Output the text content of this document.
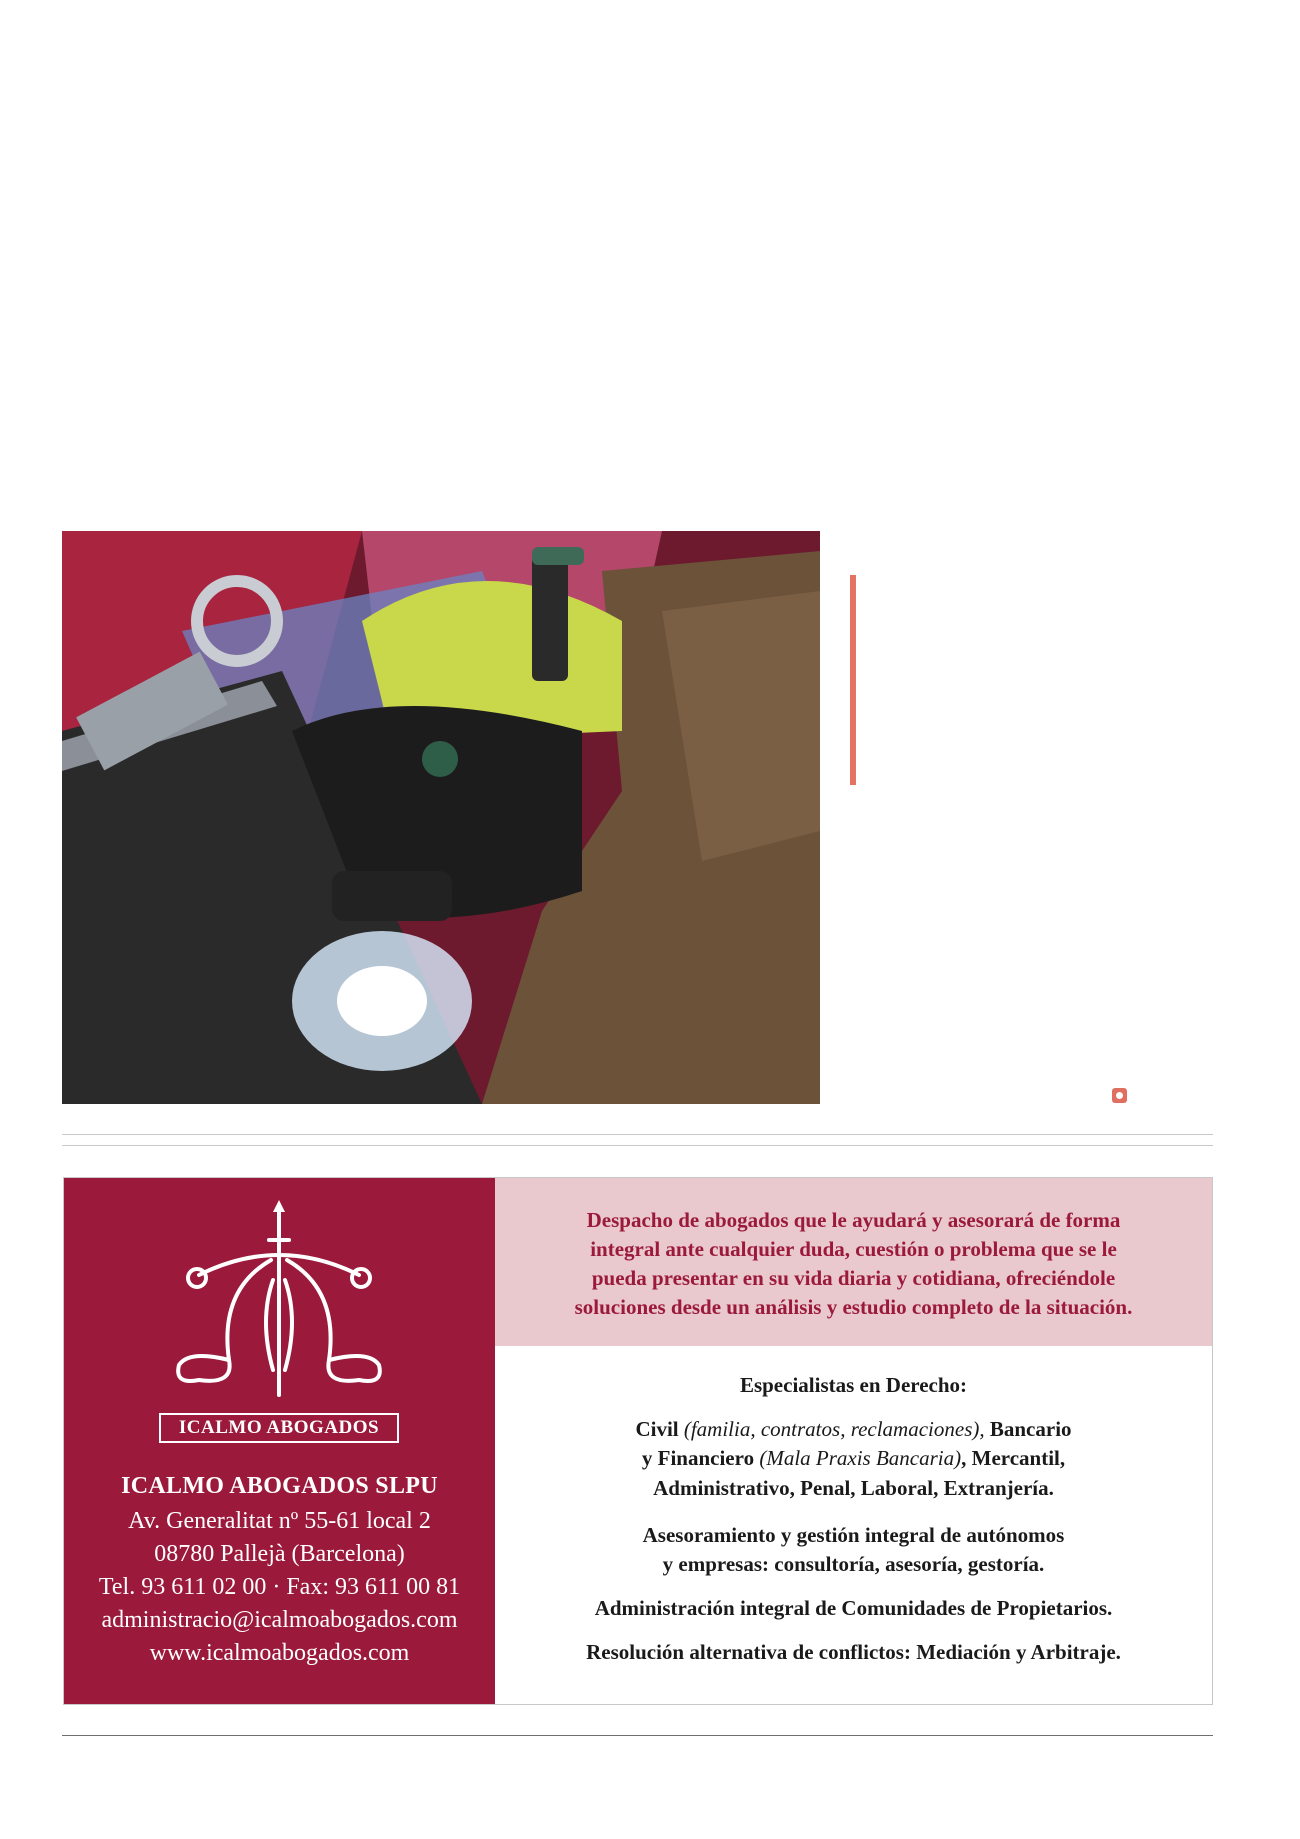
ICALMO ABOGADOS
ICALMO ABOGADOS SLPU
Av. Generalitat nº 55-61 local 2
08780 Pallejà (Barcelona)
Tel. 93 611 02 00 · Fax: 93 611 00 81
administracio@icalmoabogados.com
www.icalmoabogados.com
Despacho de abogados que le ayudará y asesorará de forma
integral ante cualquier duda, cuestión o problema que se le
pueda presentar en su vida diaria y cotidiana, ofreciéndole
soluciones desde un análisis y estudio completo de la situación.
Especialistas en Derecho:
Civil (familia, contratos, reclamaciones), Bancario
y Financiero (Mala Praxis Bancaria), Mercantil,
Administrativo, Penal, Laboral, Extranjería.
Asesoramiento y gestión integral de autónomos
y empresas: consultoría, asesoría, gestoría.
Administración integral de Comunidades de Propietarios.
Resolución alternativa de conflictos: Mediación y Arbitraje.
